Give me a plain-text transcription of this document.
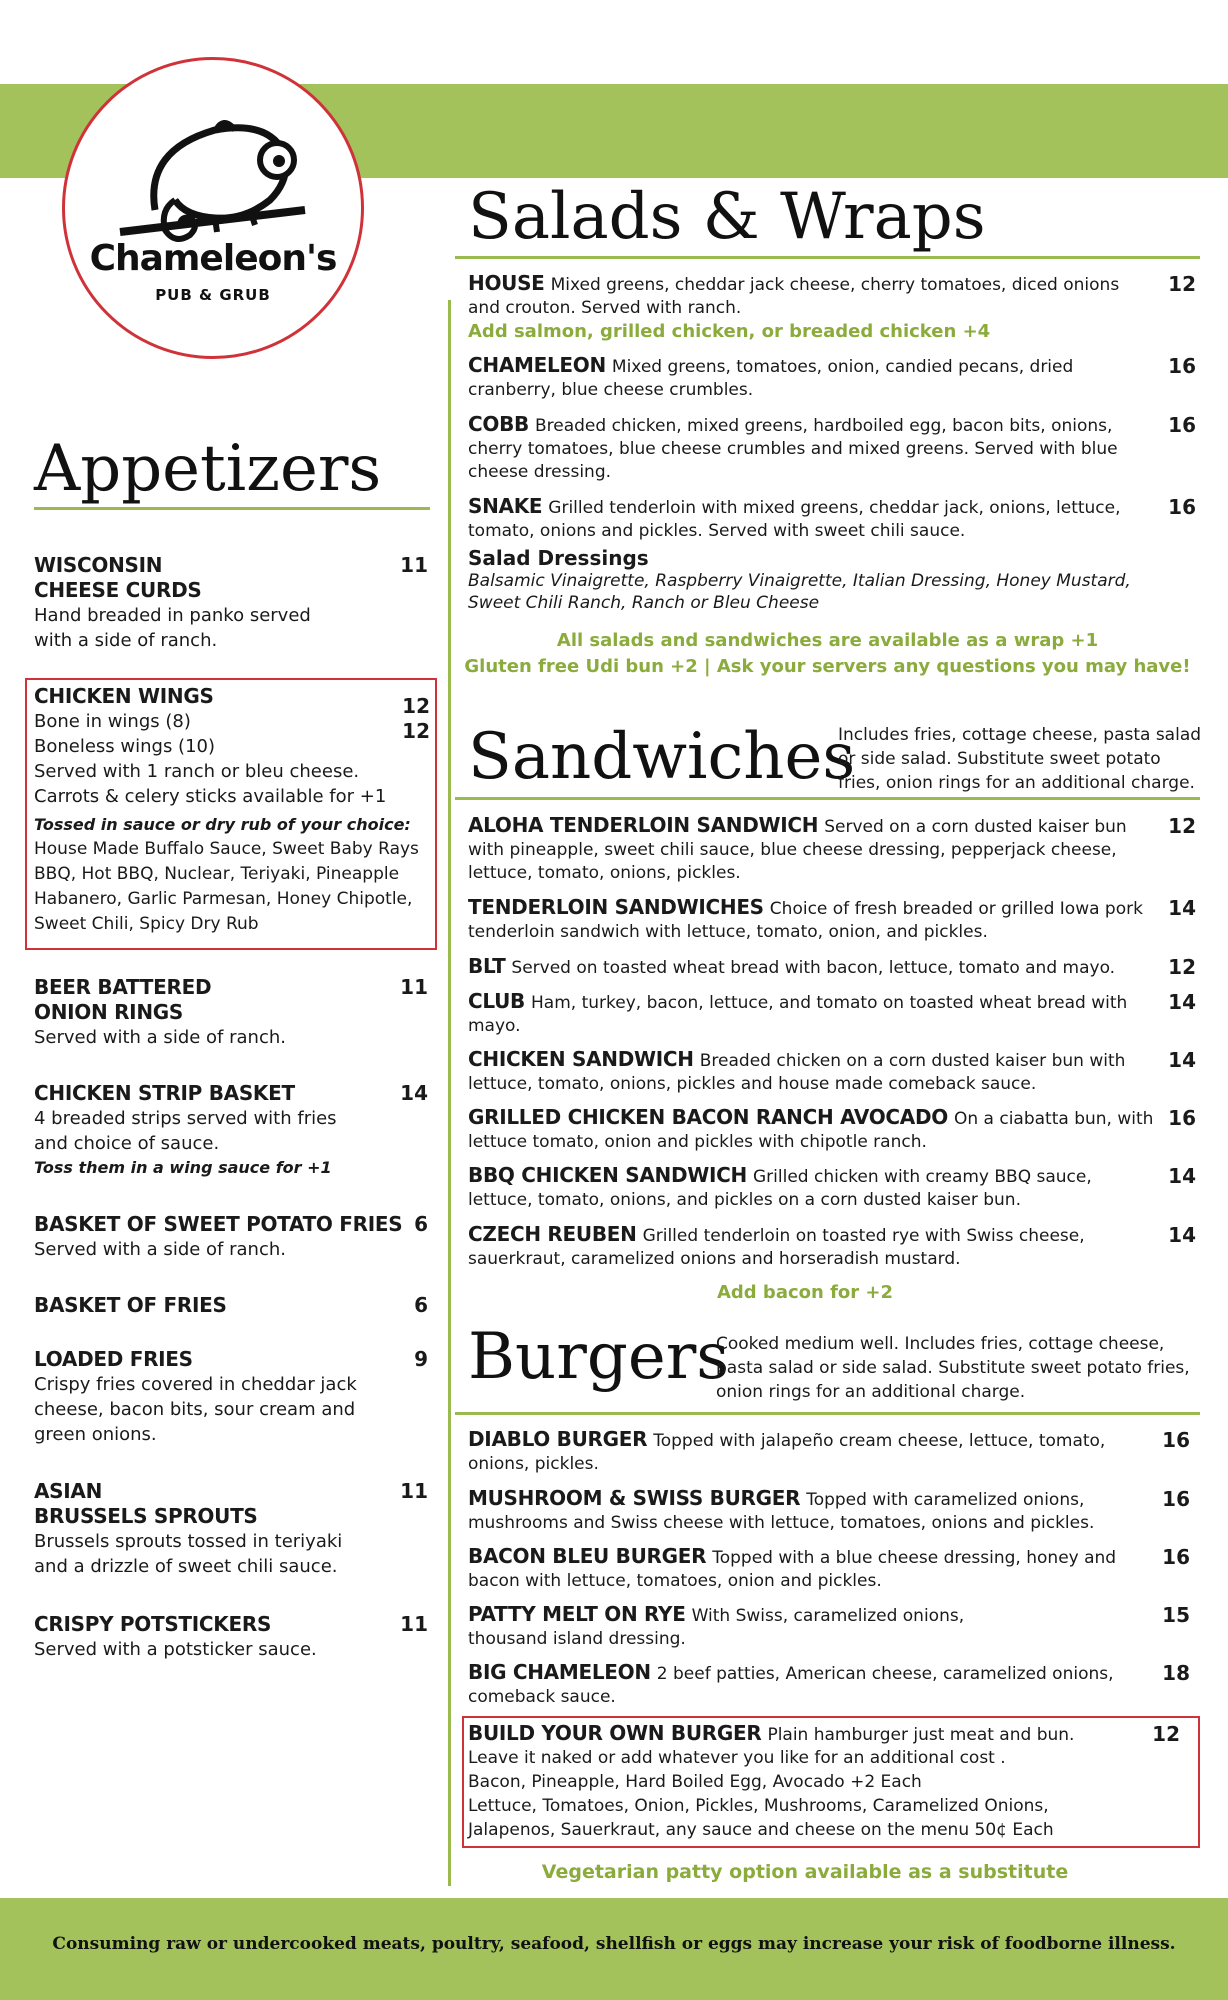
Chameleon's
PUB & GRUB
Appetizers
WISCONSIN
CHEESE CURDS
Hand breaded in panko served
with a side of ranch.
11
CHICKEN WINGS
Bone in wings (8)
Boneless wings (10)
Served with 1 ranch or bleu cheese.
Carrots & celery sticks available for +1
Tossed in sauce or dry rub of your choice:
House Made Buffalo Sauce, Sweet Baby Rays
BBQ, Hot BBQ, Nuclear, Teriyaki, Pineapple
Habanero, Garlic Parmesan, Honey Chipotle,
Sweet Chili, Spicy Dry Rub
12
12
BEER BATTERED
ONION RINGS
Served with a side of ranch.
11
CHICKEN STRIP BASKET
4 breaded strips served with fries
and choice of sauce.
Toss them in a wing sauce for +1
14
BASKET OF SWEET POTATO FRIES
Served with a side of ranch.
6
BASKET OF FRIES	6
LOADED FRIES
Crispy fries covered in cheddar jack
cheese, bacon bits, sour cream and
green onions.
9
ASIAN
BRUSSELS SPROUTS
Brussels sprouts tossed in teriyaki
and a drizzle of sweet chili sauce.
11
CRISPY POTSTICKERS
Served with a potsticker sauce.
11
Salads & Wraps
HOUSE Mixed greens, cheddar jack cheese, cherry tomatoes, diced onions and crouton. Served with ranch.
Add salmon, grilled chicken, or breaded chicken +4
12
CHAMELEON Mixed greens, tomatoes, onion, candied pecans, dried cranberry, blue cheese crumbles.
16
COBB Breaded chicken, mixed greens, hardboiled egg, bacon bits, onions, cherry tomatoes, blue cheese crumbles and mixed greens. Served with blue cheese dressing.
16
SNAKE Grilled tenderloin with mixed greens, cheddar jack, onions, lettuce, tomato, onions and pickles. Served with sweet chili sauce.
16
Salad Dressings
Balsamic Vinaigrette, Raspberry Vinaigrette, Italian Dressing, Honey Mustard, Sweet Chili Ranch, Ranch or Bleu Cheese
All salads and sandwiches are available as a wrap +1
Gluten free Udi bun +2 | Ask your servers any questions you may have!
Sandwiches
Includes fries, cottage cheese, pasta salad or side salad. Substitute sweet potato fries, onion rings for an additional charge.
ALOHA TENDERLOIN SANDWICH Served on a corn dusted kaiser bun with pineapple, sweet chili sauce, blue cheese dressing, pepperjack cheese, lettuce, tomato, onions, pickles.
12
TENDERLOIN SANDWICHES Choice of fresh breaded or grilled Iowa pork tenderloin sandwich with lettuce, tomato, onion, and pickles.
14
BLT Served on toasted wheat bread with bacon, lettuce, tomato and mayo.	12
CLUB Ham, turkey, bacon, lettuce, and tomato on toasted wheat bread with mayo.
14
CHICKEN SANDWICH Breaded chicken on a corn dusted kaiser bun with lettuce, tomato, onions, pickles and house made comeback sauce.
14
GRILLED CHICKEN BACON RANCH AVOCADO On a ciabatta bun, with lettuce tomato, onion and pickles with chipotle ranch.
16
BBQ CHICKEN SANDWICH Grilled chicken with creamy BBQ sauce, lettuce, tomato, onions, and pickles on a corn dusted kaiser bun.
14
CZECH REUBEN Grilled tenderloin on toasted rye with Swiss cheese, sauerkraut, caramelized onions and horseradish mustard.
14
Add bacon for +2
Burgers
Cooked medium well. Includes fries, cottage cheese, pasta salad or side salad. Substitute sweet potato fries, onion rings for an additional charge.
DIABLO BURGER Topped with jalapeño cream cheese, lettuce, tomato, onions, pickles.
16
MUSHROOM & SWISS BURGER Topped with caramelized onions, mushrooms and Swiss cheese with lettuce, tomatoes, onions and pickles.
16
BACON BLEU BURGER Topped with a blue cheese dressing, honey and bacon with lettuce, tomatoes, onion and pickles.
16
PATTY MELT ON RYE With Swiss, caramelized onions, thousand island dressing.
15
BIG CHAMELEON 2 beef patties, American cheese, caramelized onions, comeback sauce.
18
BUILD YOUR OWN BURGER Plain hamburger just meat and bun. Leave it naked or add whatever you like for an additional cost .
Bacon, Pineapple, Hard Boiled Egg, Avocado +2 Each
Lettuce, Tomatoes, Onion, Pickles, Mushrooms, Caramelized Onions,
Jalapenos, Sauerkraut, any sauce and cheese on the menu 50¢ Each
12
Vegetarian patty option available as a substitute
Consuming raw or undercooked meats, poultry, seafood, shellfish or eggs may increase your risk of foodborne illness.
